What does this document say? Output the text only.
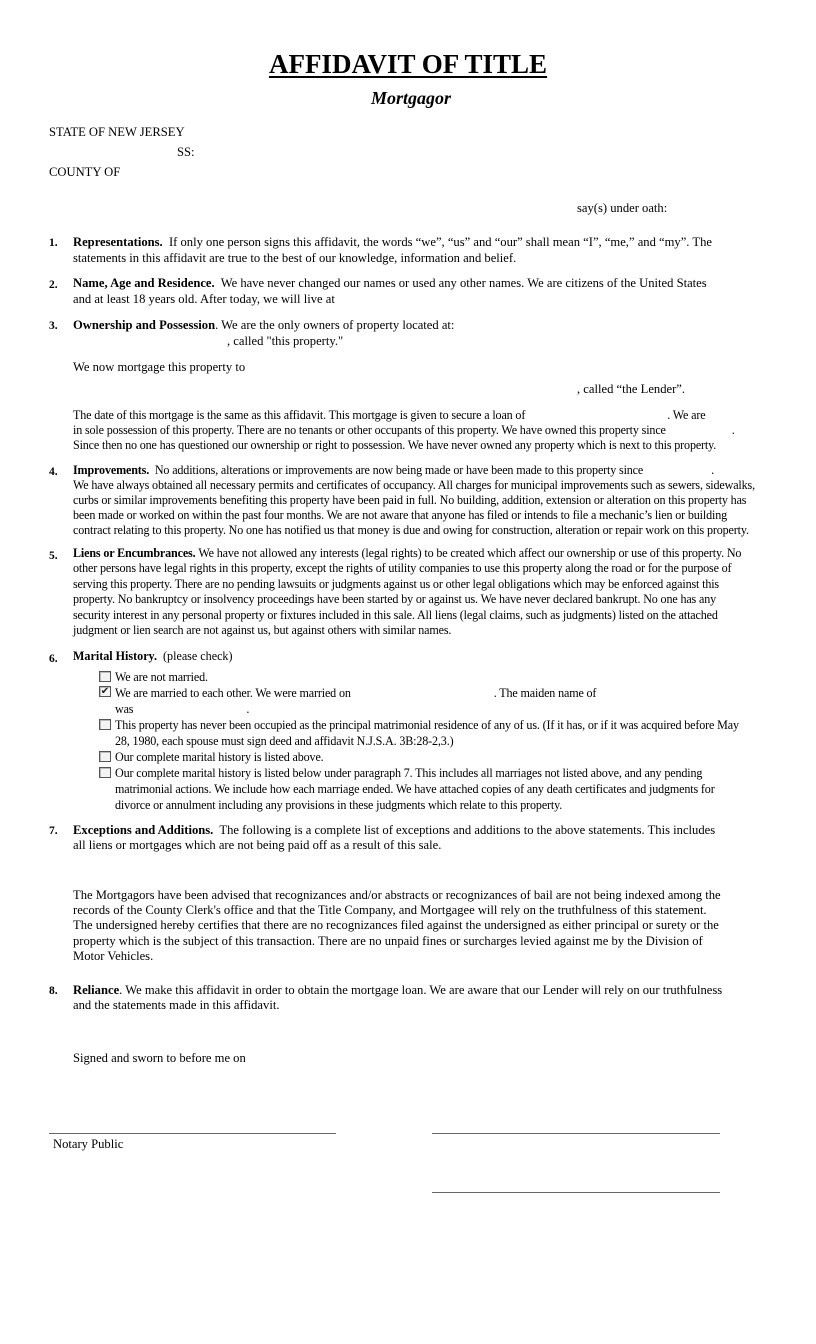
AFFIDAVIT OF TITLE
Mortgagor
STATE OF NEW JERSEY
SS:
COUNTY OF
say(s) under oath:
1. Representations. If only one person signs this affidavit, the words “we”, “us” and “our” shall mean “I”, “me,” and “my”. The
statements in this affidavit are true to the best of our knowledge, information and belief.
2. Name, Age and Residence. We have never changed our names or used any other names. We are citizens of the United States
and at least 18 years old. After today, we will live at
3. Ownership and Possession. We are the only owners of property located at:
, called "this property."
We now mortgage this property to
, called “the Lender”.
The date of this mortgage is the same as this affidavit. This mortgage is given to secure a loan of	. We are
in sole possession of this property. There are no tenants or other occupants of this property. We have owned this property since	.
Since then no one has questioned our ownership or right to possession. We have never owned any property which is next to this property.
4. Improvements. No additions, alterations or improvements are now being made or have been made to this property since	.
We have always obtained all necessary permits and certificates of occupancy. All charges for municipal improvements such as sewers, sidewalks,
curbs or similar improvements benefiting this property have been paid in full. No building, addition, extension or alteration on this property has
been made or worked on within the past four months. We are not aware that anyone has filed or intends to file a mechanic’s lien or building
contract relating to this property. No one has notified us that money is due and owing for construction, alteration or repair work on this property.
5. Liens or Encumbrances. We have not allowed any interests (legal rights) to be created which affect our ownership or use of this property. No
other persons have legal rights in this property, except the rights of utility companies to use this property along the road or for the purpose of
serving this property. There are no pending lawsuits or judgments against us or other legal obligations which may be enforced against this
property. No bankruptcy or insolvency proceedings have been started by or against us. We have never declared bankrupt. No one has any
security interest in any personal property or fixtures included in this sale. All liens (legal claims, such as judgments) listed on the attached
judgment or lien search are not against us, but against others with similar names.
6. Marital History. (please check)
We are not married.
✔ We are married to each other. We were married on	. The maiden name of
was	.
This property has never been occupied as the principal matrimonial residence of any of us. (If it has, or if it was acquired before May
28, 1980, each spouse must sign deed and affidavit N.J.S.A. 3B:28-2,3.)
Our complete marital history is listed above.
Our complete marital history is listed below under paragraph 7. This includes all marriages not listed above, and any pending
matrimonial actions. We include how each marriage ended. We have attached copies of any death certificates and judgments for
divorce or annulment including any provisions in these judgments which relate to this property.
7. Exceptions and Additions. The following is a complete list of exceptions and additions to the above statements. This includes
all liens or mortgages which are not being paid off as a result of this sale.
The Mortgagors have been advised that recognizances and/or abstracts or recognizances of bail are not being indexed among the
records of the County Clerk's office and that the Title Company, and Mortgagee will rely on the truthfulness of this statement.
The undersigned hereby certifies that there are no recognizances filed against the undersigned as either principal or surety or the
property which is the subject of this transaction. There are no unpaid fines or surcharges levied against me by the Division of
Motor Vehicles.
8. Reliance. We make this affidavit in order to obtain the mortgage loan. We are aware that our Lender will rely on our truthfulness
and the statements made in this affidavit.
Signed and sworn to before me on
Notary Public
